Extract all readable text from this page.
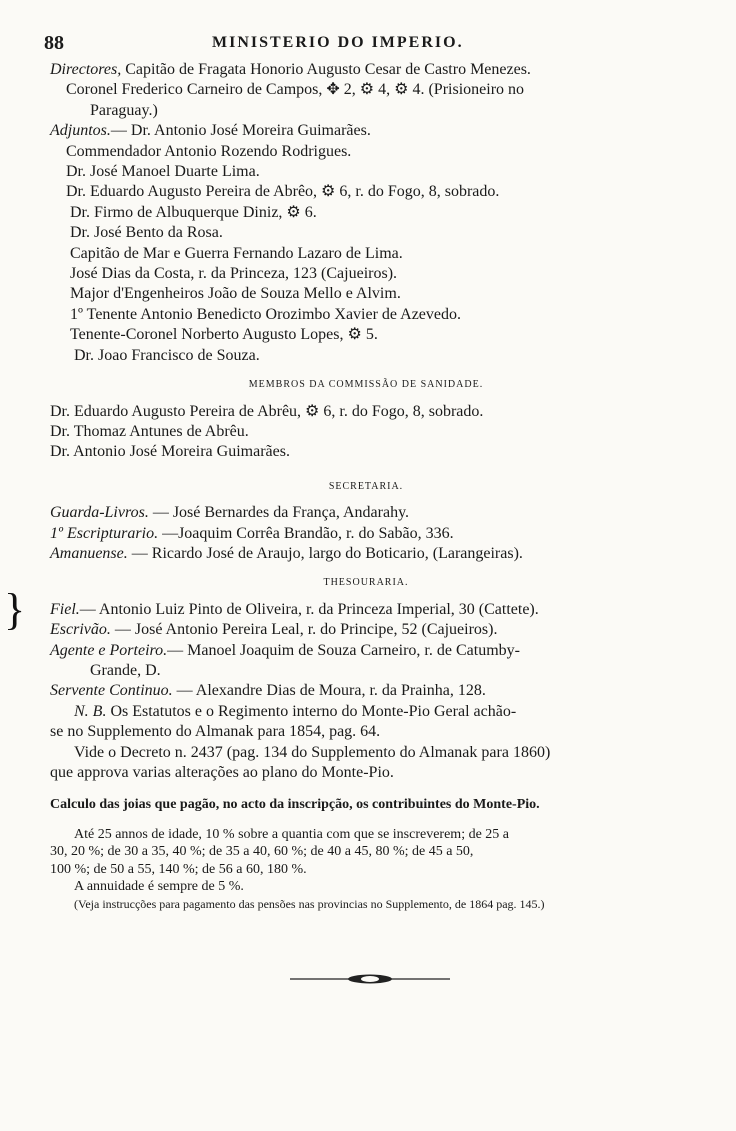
88	MINISTERIO DO IMPERIO.
}
Directores, Capitão de Fragata Honorio Augusto Cesar de Castro Menezes.
Coronel Frederico Carneiro de Campos, ✥ 2, ⚙ 4, ⚙ 4. (Prisioneiro no
Paraguay.)
Adjuntos.— Dr. Antonio José Moreira Guimarães.
Commendador Antonio Rozendo Rodrigues.
Dr. José Manoel Duarte Lima.
Dr. Eduardo Augusto Pereira de Abrêo, ⚙ 6, r. do Fogo, 8, sobrado.
Dr. Firmo de Albuquerque Diniz, ⚙ 6.
Dr. José Bento da Rosa.
Capitão de Mar e Guerra Fernando Lazaro de Lima.
José Dias da Costa, r. da Princeza, 123 (Cajueiros).
Major d'Engenheiros João de Souza Mello e Alvim.
1º Tenente Antonio Benedicto Orozimbo Xavier de Azevedo.
Tenente-Coronel Norberto Augusto Lopes, ⚙ 5.
Dr. Joao Francisco de Souza.
MEMBROS DA COMMISSÃO DE SANIDADE.
Dr. Eduardo Augusto Pereira de Abrêu, ⚙ 6, r. do Fogo, 8, sobrado.
Dr. Thomaz Antunes de Abrêu.
Dr. Antonio José Moreira Guimarães.
SECRETARIA.
Guarda-Livros. — José Bernardes da França, Andarahy.
1º Escripturario. —Joaquim Corrêa Brandão, r. do Sabão, 336.
Amanuense. — Ricardo José de Araujo, largo do Boticario, (Larangeiras).
THESOURARIA.
Fiel.— Antonio Luiz Pinto de Oliveira, r. da Princeza Imperial, 30 (Cattete).
Escrivão. — José Antonio Pereira Leal, r. do Principe, 52 (Cajueiros).
Agente e Porteiro.— Manoel Joaquim de Souza Carneiro, r. de Catumby-
Grande, D.
Servente Continuo. — Alexandre Dias de Moura, r. da Prainha, 128.
N. B. Os Estatutos e o Regimento interno do Monte-Pio Geral achão-
se no Supplemento do Almanak para 1854, pag. 64.
Vide o Decreto n. 2437 (pag. 134 do Supplemento do Almanak para 1860)
que approva varias alterações ao plano do Monte-Pio.
Calculo das joias que pagão, no acto da inscripção, os contribuintes do Monte-Pio.
Até 25 annos de idade, 10 % sobre a quantia com que se inscreverem; de 25 a
30, 20 %; de 30 a 35, 40 %; de 35 a 40, 60 %; de 40 a 45, 80 %; de 45 a 50,
100 %; de 50 a 55, 140 %; de 56 a 60, 180 %.
A annuidade é sempre de 5 %.
(Veja instrucções para pagamento das pensões nas provincias no Supplemento, de 1864 pag. 145.)
